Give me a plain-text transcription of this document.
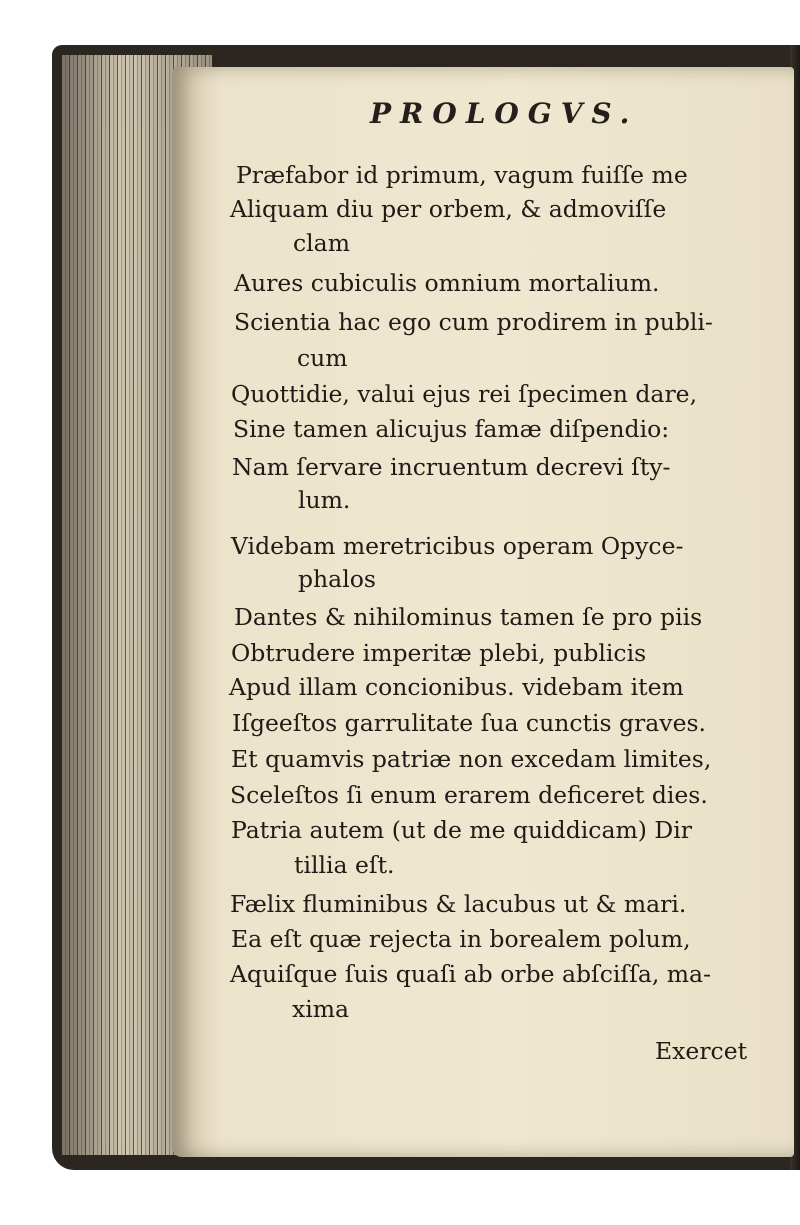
PROLOGVS.
Præfabor id primum, vagum fuiſſe me
Aliquam diu per orbem, & admoviſſe
clam
Aures cubiculis omnium mortalium.
Scientia hac ego cum prodirem in publi-
cum
Quottidie, valui ejus rei ſpecimen dare,
Sine tamen alicujus famæ diſpendio:
Nam ſervare incruentum decrevi ſty-
lum.
Videbam meretricibus operam Opyce-
phalos
Dantes & nihilominus tamen ſe pro piis
Obtrudere imperitæ plebi, publicis
Apud illam concionibus. videbam item
Iſgeeſtos garrulitate ſua cunctis graves.
Et quamvis patriæ non excedam limites,
Sceleſtos ſi enum erarem deficeret dies.
Patria autem (ut de me quiddicam) Dir
tillia eſt.
Fælix fluminibus & lacubus ut & mari.
Ea eſt quæ rejecta in borealem polum,
Aquiſque ſuis quaſi ab orbe abſciſſa, ma-
xima
Exercet
